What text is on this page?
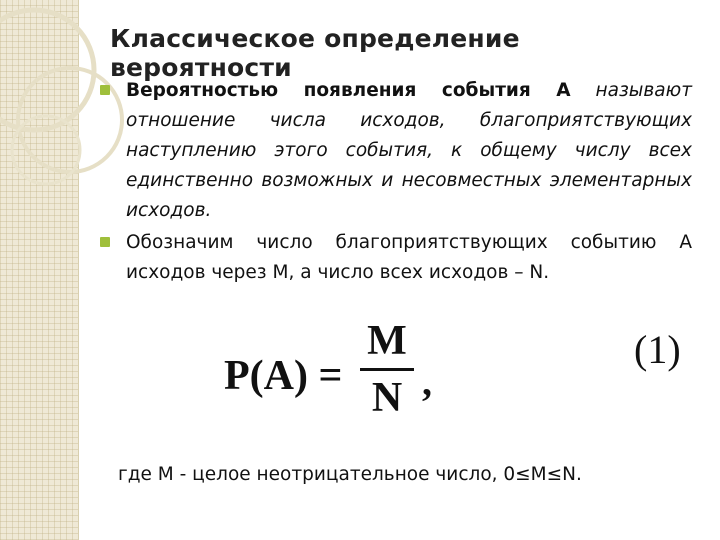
Классическое определение вероятности
Вероятностью появления события А называют отношение числа исходов, благоприятствующих наступлению этого события, к общему числу всех единственно возможных и несовместных элементарных исходов.
Обозначим число благоприятствующих событию А исходов через М, а число всех исходов – N.
P(A) =
M
N ,
(1)

где М - целое неотрицательное число, 0≤M≤N.
